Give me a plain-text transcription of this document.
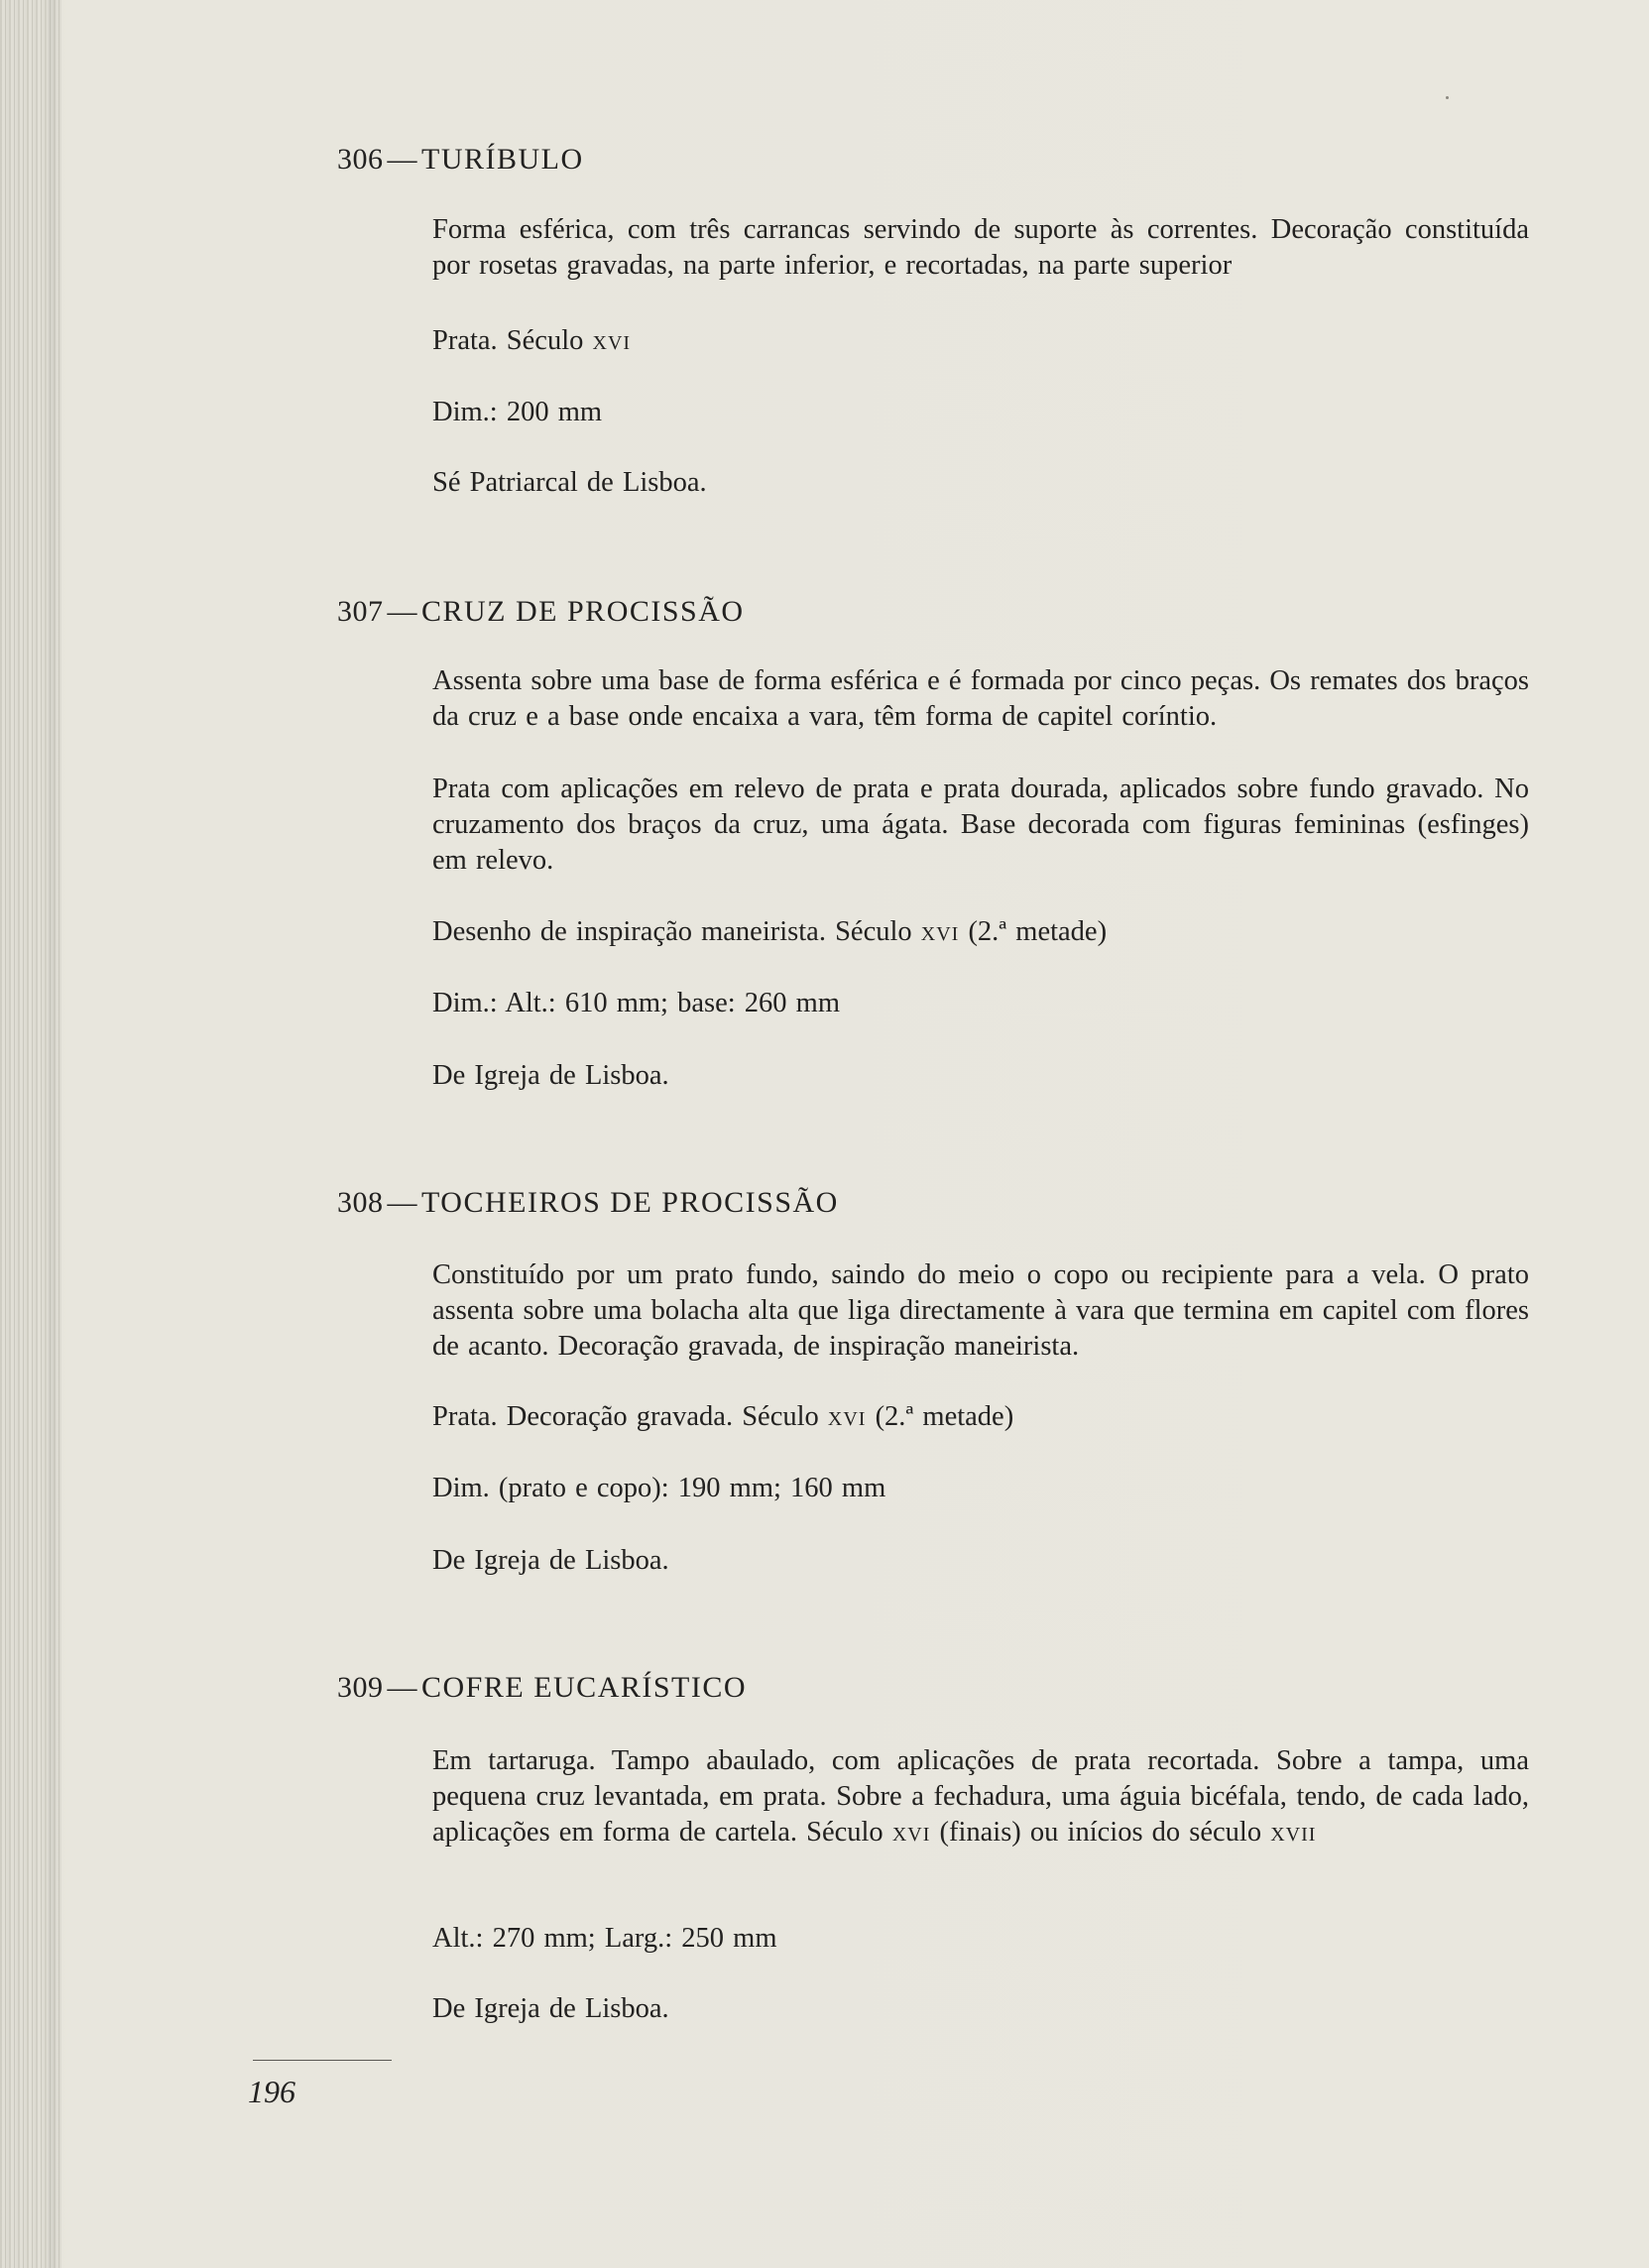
306 — TURÍBULO
Forma esférica, com três carrancas servindo de suporte às correntes. Decoração constituída por rosetas gravadas, na parte inferior, e recortadas, na parte superior
Prata. Século xvi
Dim.: 200 mm
Sé Patriarcal de Lisboa.
307 — CRUZ DE PROCISSÃO
Assenta sobre uma base de forma esférica e é formada por cinco peças. Os remates dos braços da cruz e a base onde encaixa a vara, têm forma de capitel coríntio.
Prata com aplicações em relevo de prata e prata dourada, aplicados sobre fundo gravado. No cruzamento dos braços da cruz, uma ágata. Base decorada com figuras femininas (esfinges) em relevo.
Desenho de inspiração maneirista. Século xvi (2.ª metade)
Dim.: Alt.: 610 mm; base: 260 mm
De Igreja de Lisboa.
308 — TOCHEIROS DE PROCISSÃO
Constituído por um prato fundo, saindo do meio o copo ou recipiente para a vela. O prato assenta sobre uma bolacha alta que liga directamente à vara que termina em capitel com flores de acanto. Decoração gravada, de inspiração maneirista.
Prata. Decoração gravada. Século xvi (2.ª metade)
Dim. (prato e copo): 190 mm; 160 mm
De Igreja de Lisboa.
309 — COFRE EUCARÍSTICO
Em tartaruga. Tampo abaulado, com aplicações de prata recortada. Sobre a tampa, uma pequena cruz levantada, em prata. Sobre a fechadura, uma águia bicéfala, tendo, de cada lado, aplicações em forma de cartela. Século xvi (finais) ou inícios do século xvii
Alt.: 270 mm; Larg.: 250 mm
De Igreja de Lisboa.
196
